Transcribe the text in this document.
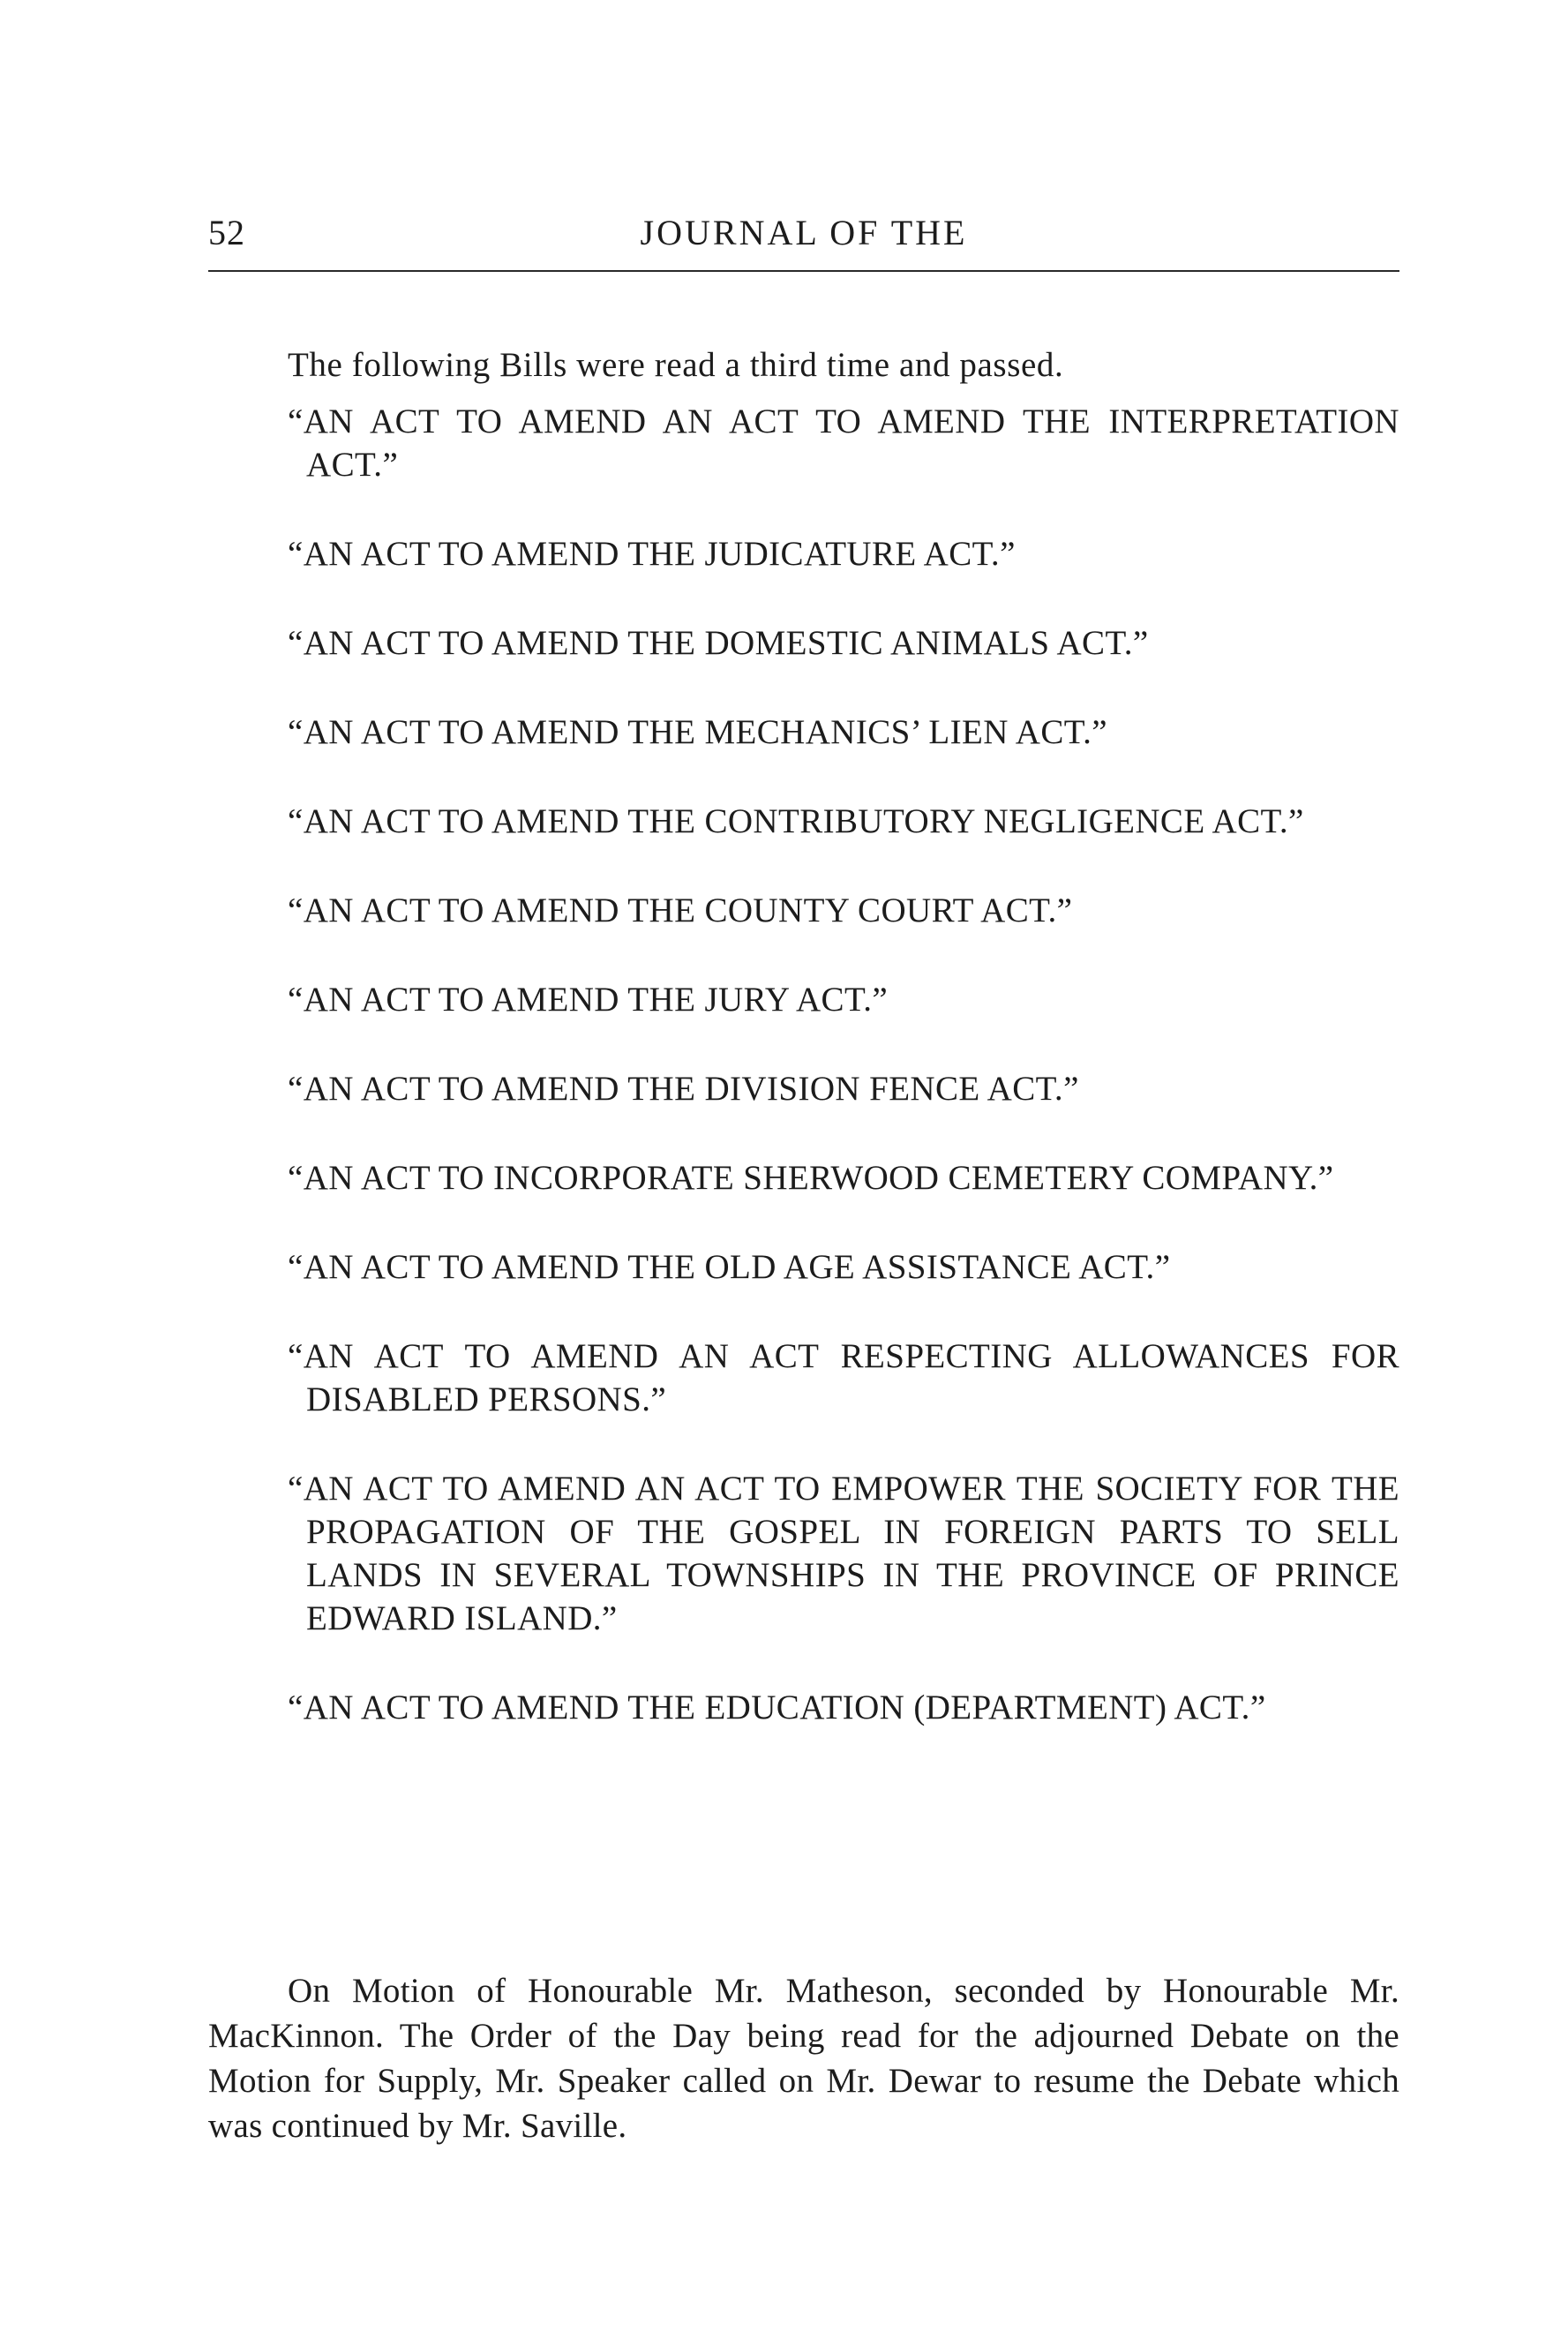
52	JOURNAL OF THE

The following Bills were read a third time and passed.

“AN ACT TO AMEND AN ACT TO AMEND THE INTERPRETATION ACT.”
“AN ACT TO AMEND THE JUDICATURE ACT.”
“AN ACT TO AMEND THE DOMESTIC ANIMALS ACT.”
“AN ACT TO AMEND THE MECHANICS’ LIEN ACT.”
“AN ACT TO AMEND THE CONTRIBUTORY NEGLIGENCE ACT.”
“AN ACT TO AMEND THE COUNTY COURT ACT.”
“AN ACT TO AMEND THE JURY ACT.”
“AN ACT TO AMEND THE DIVISION FENCE ACT.”
“AN ACT TO INCORPORATE SHERWOOD CEMETERY COMPANY.”
“AN ACT TO AMEND THE OLD AGE ASSISTANCE ACT.”
“AN ACT TO AMEND AN ACT RESPECTING ALLOWANCES FOR DISABLED PERSONS.”
“AN ACT TO AMEND AN ACT TO EMPOWER THE SOCIETY FOR THE PROPAGATION OF THE GOSPEL IN FOREIGN PARTS TO SELL LANDS IN SEVERAL TOWNSHIPS IN THE PROVINCE OF PRINCE EDWARD ISLAND.”
“AN ACT TO AMEND THE EDUCATION (DEPARTMENT) ACT.”

On Motion of Honourable Mr. Matheson, seconded by Honourable Mr. MacKinnon. The Order of the Day being read for the adjourned Debate on the Motion for Supply, Mr. Speaker called on Mr. Dewar to resume the Debate which was continued by Mr. Saville.
